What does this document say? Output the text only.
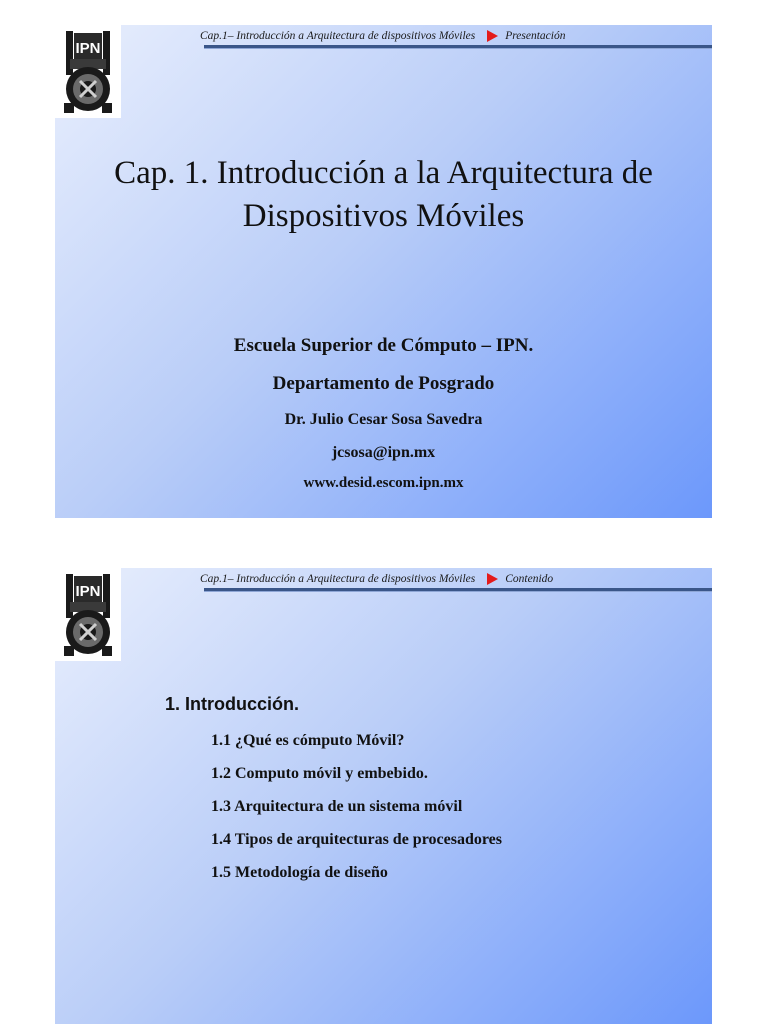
IPN
Cap.1– Introducción a Arquitectura de dispositivos Móviles	Presentación
Cap. 1. Introducción a la Arquitectura de Dispositivos Móviles
Escuela Superior de Cómputo – IPN.
Departamento de Posgrado
Dr. Julio Cesar Sosa Savedra
jcsosa@ipn.mx
www.desid.escom.ipn.mx
IPN
Cap.1– Introducción a Arquitectura de dispositivos Móviles	Contenido
1. Introducción.
1.1 ¿Qué es cómputo Móvil?
1.2 Computo móvil y embebido.
1.3 Arquitectura de un sistema móvil
1.4 Tipos de arquitecturas de procesadores
1.5 Metodología de diseño
